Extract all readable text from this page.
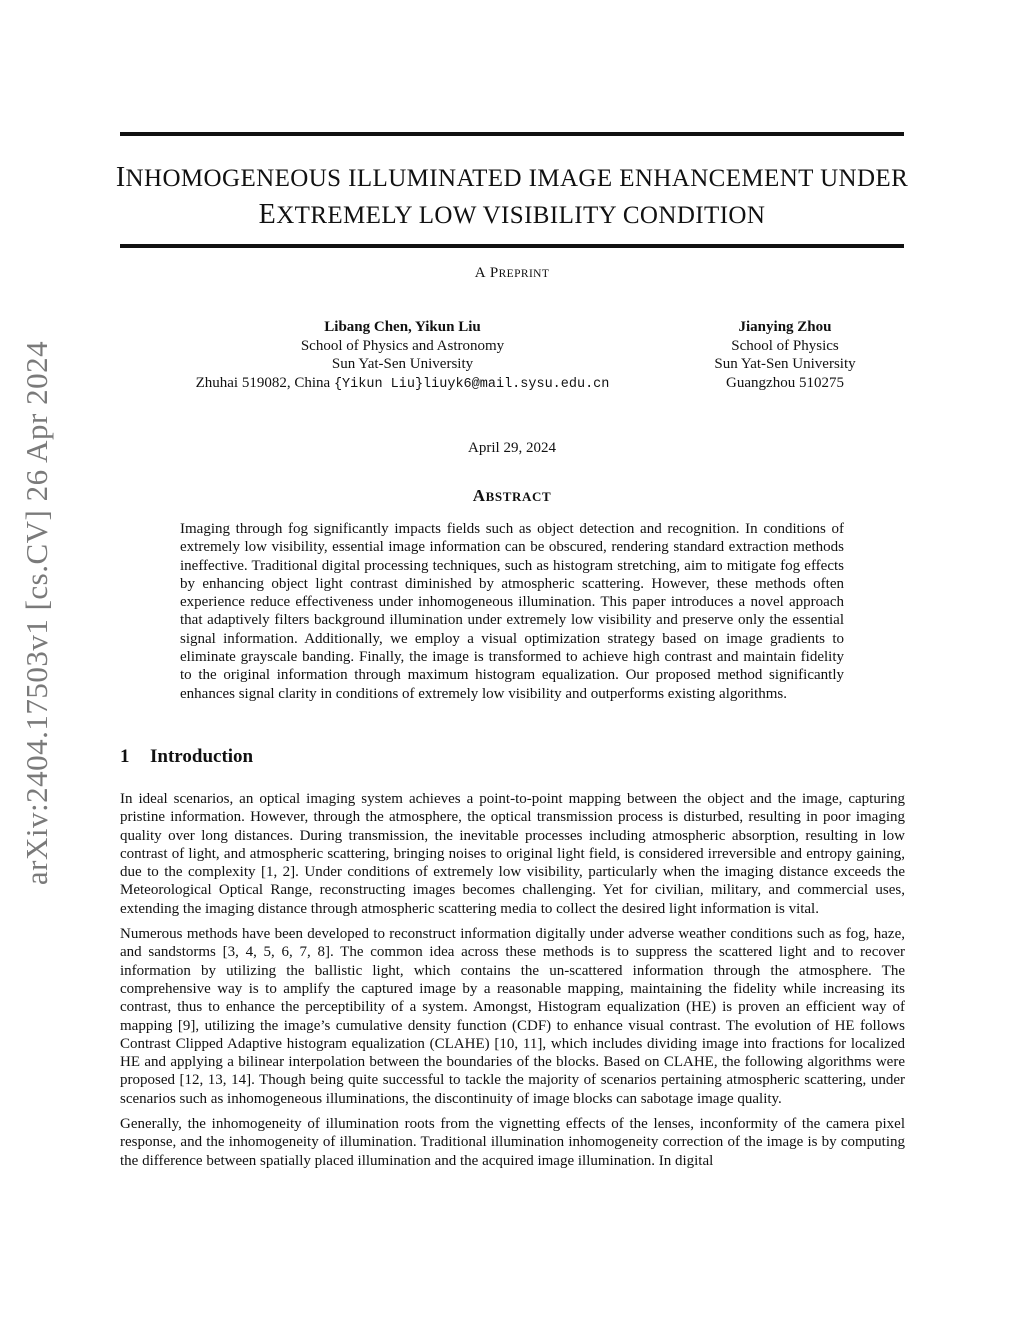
arXiv:2404.17503v1 [cs.CV] 26 Apr 2024
INHOMOGENEOUS ILLUMINATED IMAGE ENHANCEMENT UNDER
EXTREMELY LOW VISIBILITY CONDITION
A PREPRINT
Libang Chen, Yikun Liu
School of Physics and Astronomy
Sun Yat-Sen University
Zhuhai 519082, China {Yikun Liu}liuyk6@mail.sysu.edu.cn
Jianying Zhou
School of Physics
Sun Yat-Sen University
Guangzhou 510275
April 29, 2024
ABSTRACT

Imaging through fog significantly impacts fields such as object detection and recognition. In conditions of extremely low visibility, essential image information can be obscured, rendering standard extraction methods ineffective. Traditional digital processing techniques, such as histogram stretching, aim to mitigate fog effects by enhancing object light contrast diminished by atmospheric scattering. However, these methods often experience reduce effectiveness under inhomogeneous illumination. This paper introduces a novel approach that adaptively filters background illumination under extremely low visibility and preserve only the essential signal information. Additionally, we employ a visual optimization strategy based on image gradients to eliminate grayscale banding. Finally, the image is transformed to achieve high contrast and maintain fidelity to the original information through maximum histogram equalization. Our proposed method significantly enhances signal clarity in conditions of extremely low visibility and outperforms existing algorithms.

1 Introduction

In ideal scenarios, an optical imaging system achieves a point-to-point mapping between the object and the image, capturing pristine information. However, through the atmosphere, the optical transmission process is disturbed, resulting in poor imaging quality over long distances. During transmission, the inevitable processes including atmospheric absorption, resulting in low contrast of light, and atmospheric scattering, bringing noises to original light field, is considered irreversible and entropy gaining, due to the complexity [1, 2]. Under conditions of extremely low visibility, particularly when the imaging distance exceeds the Meteorological Optical Range, reconstructing images becomes challenging. Yet for civilian, military, and commercial uses, extending the imaging distance through atmospheric scattering media to collect the desired light information is vital.

Numerous methods have been developed to reconstruct information digitally under adverse weather conditions such as fog, haze, and sandstorms [3, 4, 5, 6, 7, 8]. The common idea across these methods is to suppress the scattered light and to recover information by utilizing the ballistic light, which contains the un-scattered information through the atmosphere. The comprehensive way is to amplify the captured image by a reasonable mapping, maintaining the fidelity while increasing its contrast, thus to enhance the perceptibility of a system. Amongst, Histogram equalization (HE) is proven an efficient way of mapping [9], utilizing the image’s cumulative density function (CDF) to enhance visual contrast. The evolution of HE follows Contrast Clipped Adaptive histogram equalization (CLAHE) [10, 11], which includes dividing image into fractions for localized HE and applying a bilinear interpolation between the boundaries of the blocks. Based on CLAHE, the following algorithms were proposed [12, 13, 14]. Though being quite successful to tackle the majority of scenarios pertaining atmospheric scattering, under scenarios such as inhomogeneous illuminations, the discontinuity of image blocks can sabotage image quality.

Generally, the inhomogeneity of illumination roots from the vignetting effects of the lenses, inconformity of the camera pixel response, and the inhomogeneity of illumination. Traditional illumination inhomogeneity correction of the image is by computing the difference between spatially placed illumination and the acquired image illumination. In digital
